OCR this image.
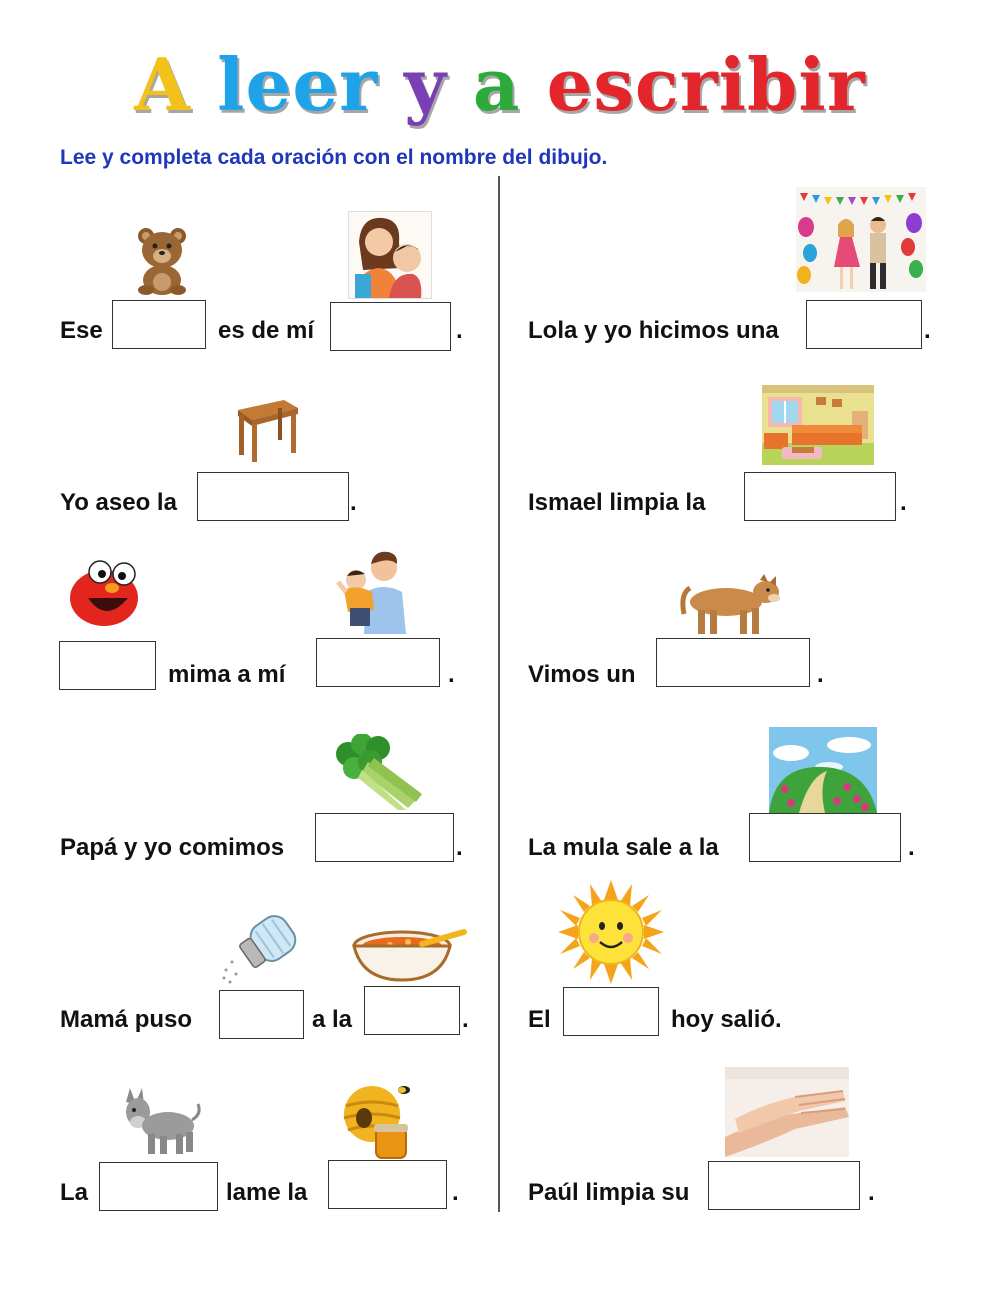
A leer y a escribir
Lee y completa cada oración con el nombre del dibujo.
Ese	es de mí	.
Yo aseo la	.
mima a mí	.
Papá y yo comimos	.
Mamá puso	a la	.
La	lame la	.
Lola y yo hicimos una	.
Ismael limpia la	.
Vimos un	.
La mula sale a la	.
El	hoy salió.
Paúl limpia su	.
